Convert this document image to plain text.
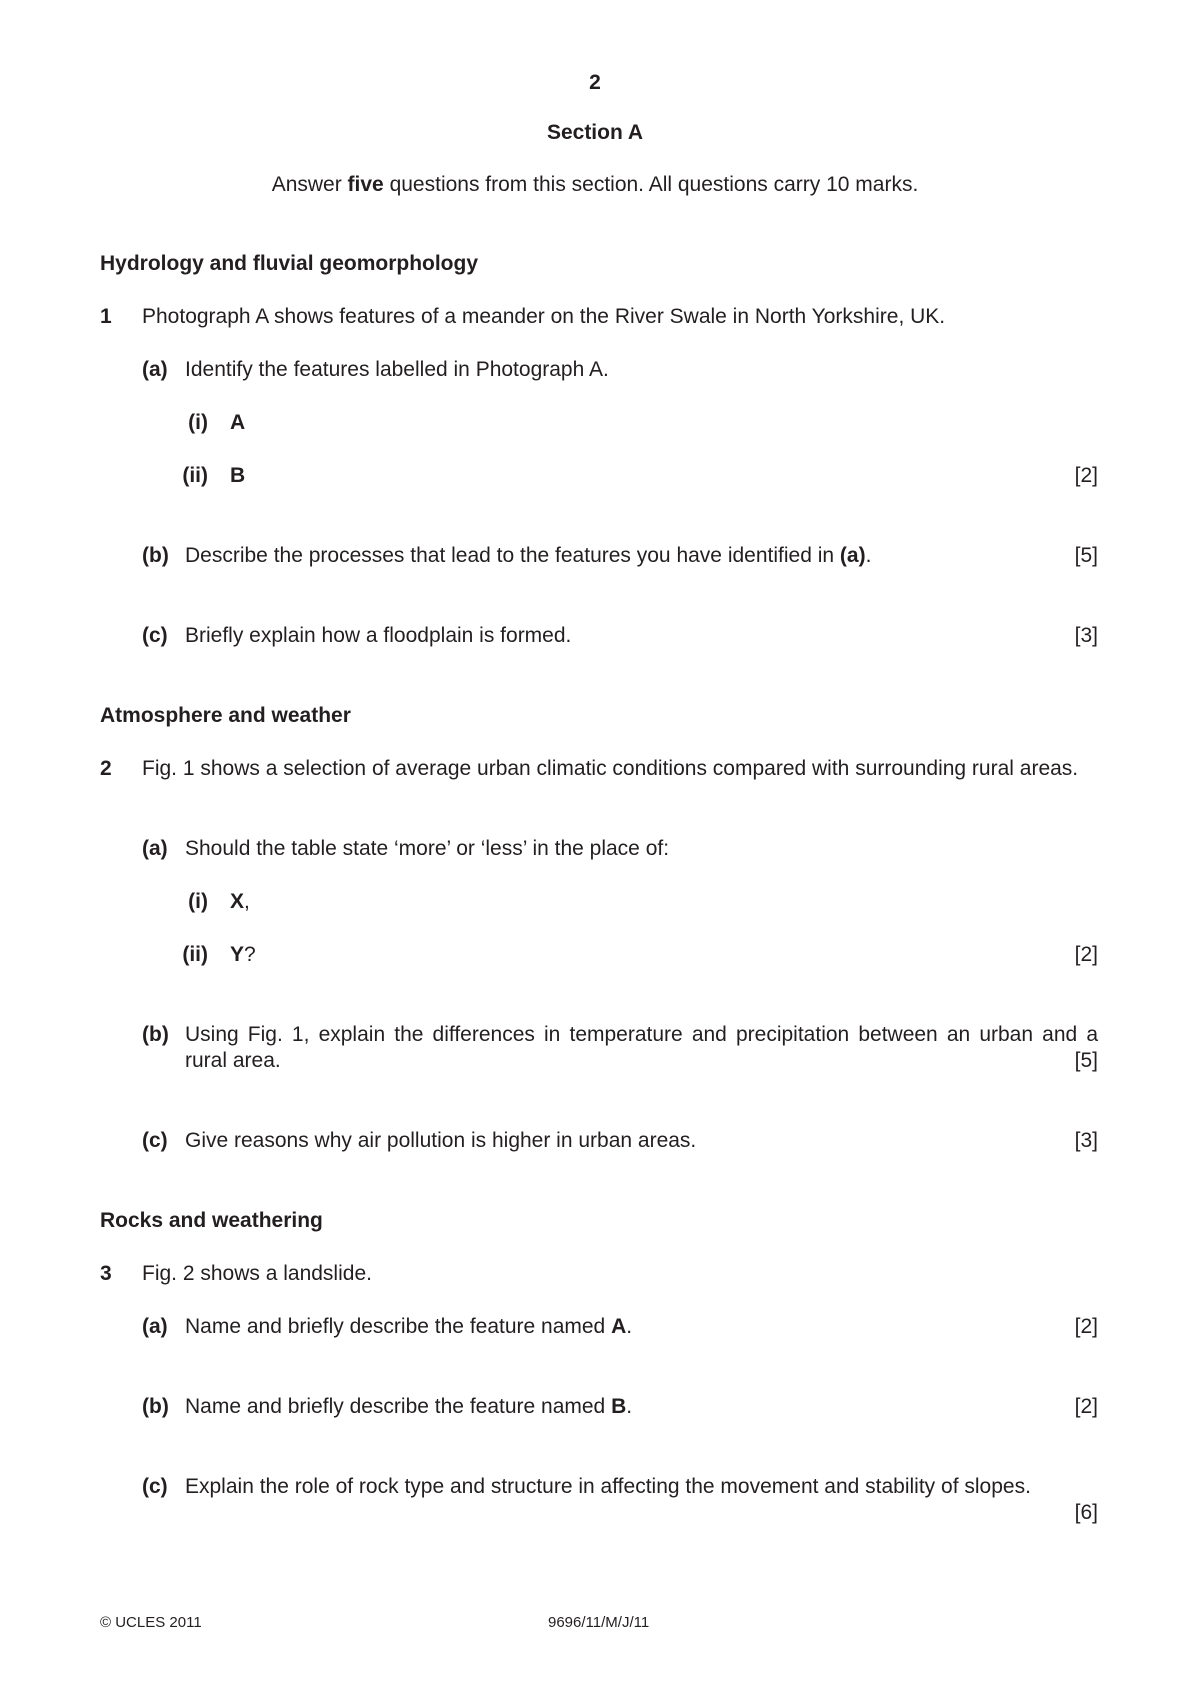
2
Section A
Answer five questions from this section. All questions carry 10 marks.
Hydrology and fluvial geomorphology
1 Photograph A shows features of a meander on the River Swale in North Yorkshire, UK.
(a) Identify the features labelled in Photograph A.
(i) A
(ii) B	[2]
(b) Describe the processes that lead to the features you have identified in (a).	[5]
(c) Briefly explain how a floodplain is formed.	[3]
Atmosphere and weather
2 Fig. 1 shows a selection of average urban climatic conditions compared with surrounding rural areas.
(a) Should the table state ‘more’ or ‘less’ in the place of:
(i) X,
(ii) Y?	[2]
(b) Using Fig. 1, explain the differences in temperature and precipitation between an urban and a rural area.	[5]
(c) Give reasons why air pollution is higher in urban areas.	[3]
Rocks and weathering
3 Fig. 2 shows a landslide.
(a) Name and briefly describe the feature named A.	[2]
(b) Name and briefly describe the feature named B.	[2]
(c) Explain the role of rock type and structure in affecting the movement and stability of slopes.
[6]
© UCLES 2011	9696/11/M/J/11
